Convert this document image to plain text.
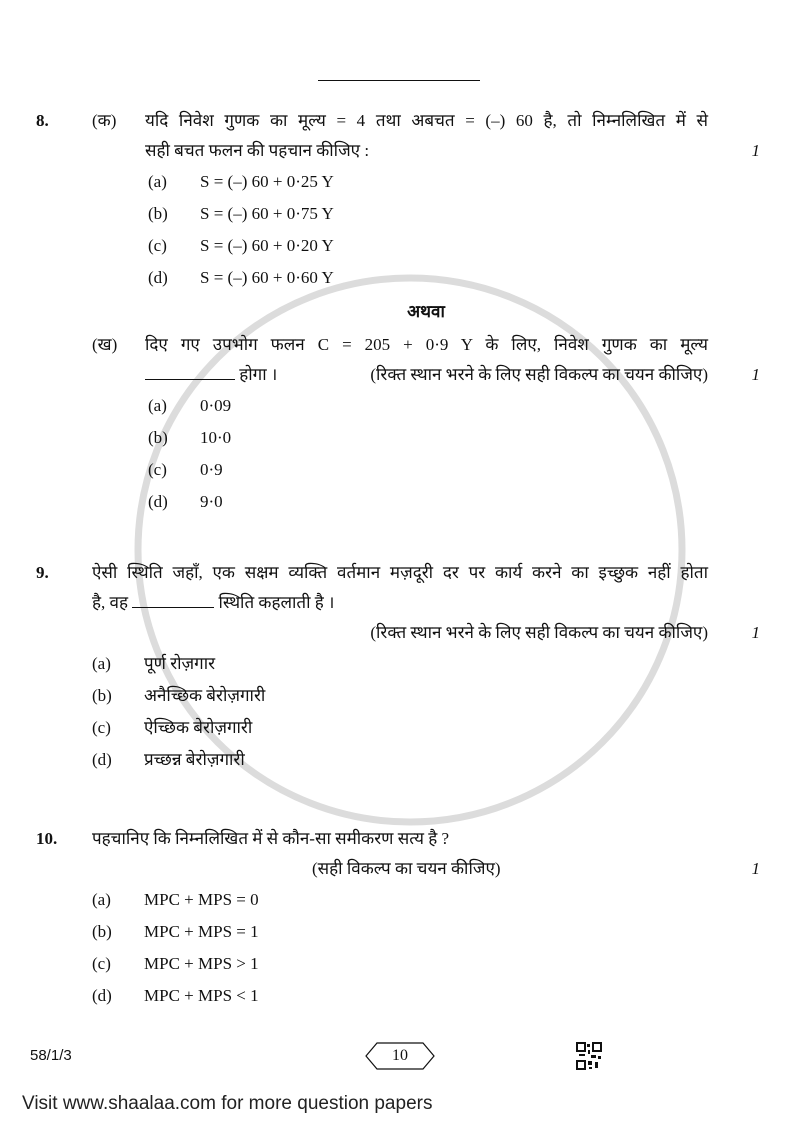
8.	(क)	यदि निवेश गुणक का मूल्य = 4 तथा अबचत = (–) 60 है, तो निम्नलिखित में से
सही बचत फलन की पहचान कीजिए :	1
(a)	S = (–) 60 + 0·25 Y
(b)	S = (–) 60 + 0·75 Y
(c)	S = (–) 60 + 0·20 Y
(d)	S = (–) 60 + 0·60 Y
अथवा
(ख)	दिए गए उपभोग फलन C = 205 + 0·9 Y के लिए, निवेश गुणक का मूल्य
होगा ।	(रिक्त स्थान भरने के लिए सही विकल्प का चयन कीजिए)	1
(a)	0·09
(b)	10·0
(c)	0·9
(d)	9·0
9.	ऐसी स्थिति जहाँ, एक सक्षम व्यक्ति वर्तमान मज़दूरी दर पर कार्य करने का इच्छुक नहीं होता
है, वह	स्थिति कहलाती है ।
(रिक्त स्थान भरने के लिए सही विकल्प का चयन कीजिए)	1
(a)	पूर्ण रोज़गार
(b)	अनैच्छिक बेरोज़गारी
(c)	ऐच्छिक बेरोज़गारी
(d)	प्रच्छन्न बेरोज़गारी
10.	पहचानिए कि निम्नलिखित में से कौन-सा समीकरण सत्य है ?
(सही विकल्प का चयन कीजिए)	1
(a)	MPC + MPS = 0
(b)	MPC + MPS = 1
(c)	MPC + MPS > 1
(d)	MPC + MPS < 1
58/1/3	10
Visit www.shaalaa.com for more question papers
